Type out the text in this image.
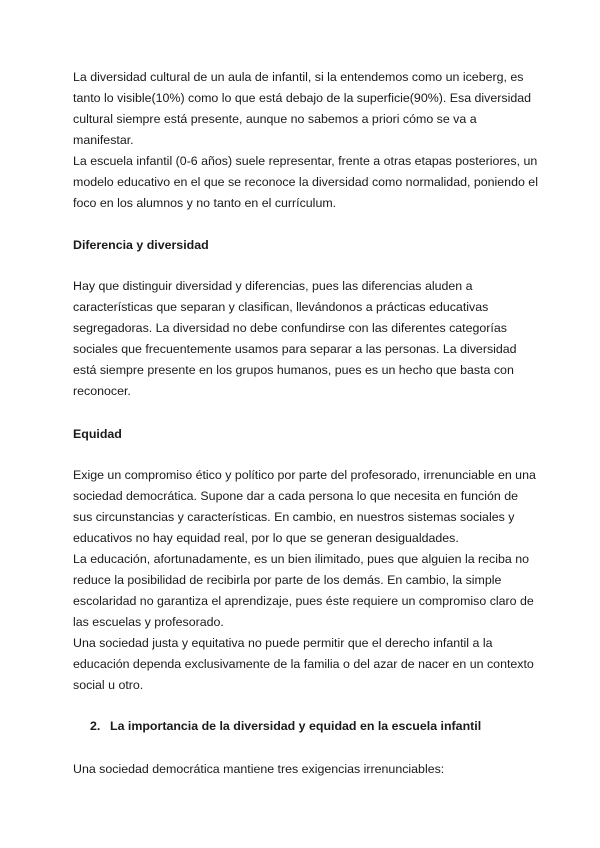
La diversidad cultural de un aula de infantil, si la entendemos como un iceberg, es
tanto lo visible(10%) como lo que está debajo de la superficie(90%). Esa diversidad
cultural siempre está presente, aunque no sabemos a priori cómo se va a
manifestar.
La escuela infantil (0-6 años) suele representar, frente a otras etapas posteriores, un
modelo educativo en el que se reconoce la diversidad como normalidad, poniendo el
foco en los alumnos y no tanto en el currículum.

Diferencia y diversidad

Hay que distinguir diversidad y diferencias, pues las diferencias aluden a
características que separan y clasifican, llevándonos a prácticas educativas
segregadoras. La diversidad no debe confundirse con las diferentes categorías
sociales que frecuentemente usamos para separar a las personas. La diversidad
está siempre presente en los grupos humanos, pues es un hecho que basta con
reconocer.

Equidad

Exige un compromiso ético y político por parte del profesorado, irrenunciable en una
sociedad democrática. Supone dar a cada persona lo que necesita en función de
sus circunstancias y características. En cambio, en nuestros sistemas sociales y
educativos no hay equidad real, por lo que se generan desigualdades.
La educación, afortunadamente, es un bien ilimitado, pues que alguien la reciba no
reduce la posibilidad de recibirla por parte de los demás. En cambio, la simple
escolaridad no garantiza el aprendizaje, pues éste requiere un compromiso claro de
las escuelas y profesorado.
Una sociedad justa y equitativa no puede permitir que el derecho infantil a la
educación dependa exclusivamente de la familia o del azar de nacer en un contexto
social u otro.

2. La importancia de la diversidad y equidad en la escuela infantil

Una sociedad democrática mantiene tres exigencias irrenunciables:
